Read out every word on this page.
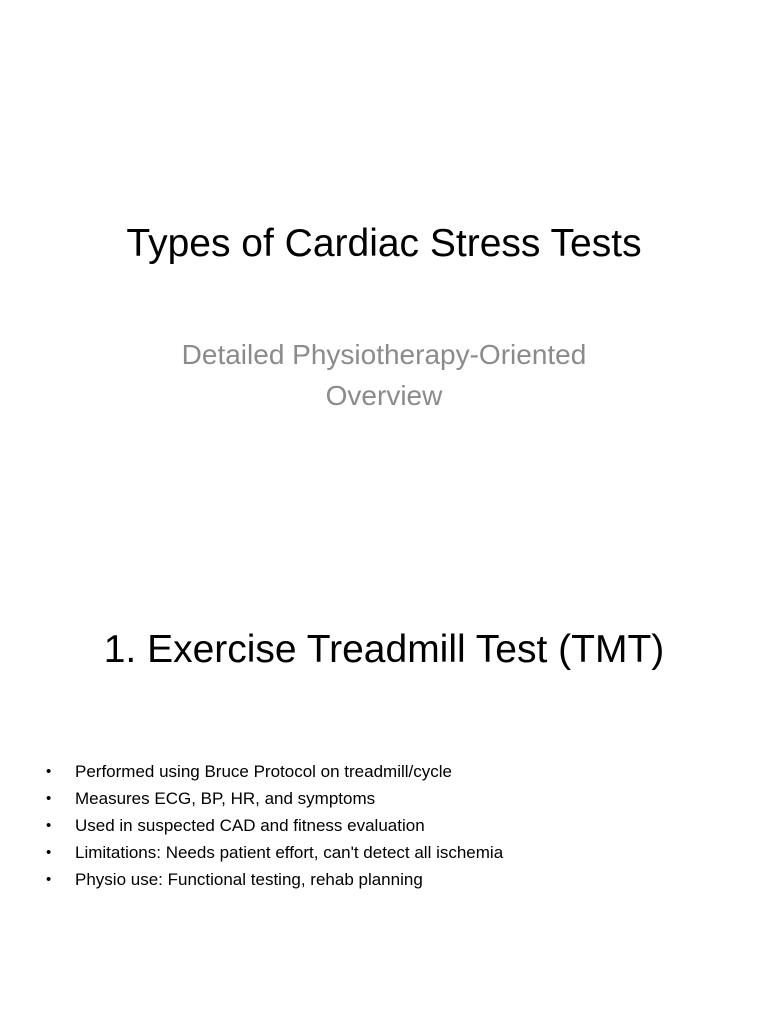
Types of Cardiac Stress Tests
Detailed Physiotherapy-Oriented Overview
1. Exercise Treadmill Test (TMT)
• Performed using Bruce Protocol on treadmill/cycle
• Measures ECG, BP, HR, and symptoms
• Used in suspected CAD and fitness evaluation
• Limitations: Needs patient effort, can't detect all ischemia
• Physio use: Functional testing, rehab planning
